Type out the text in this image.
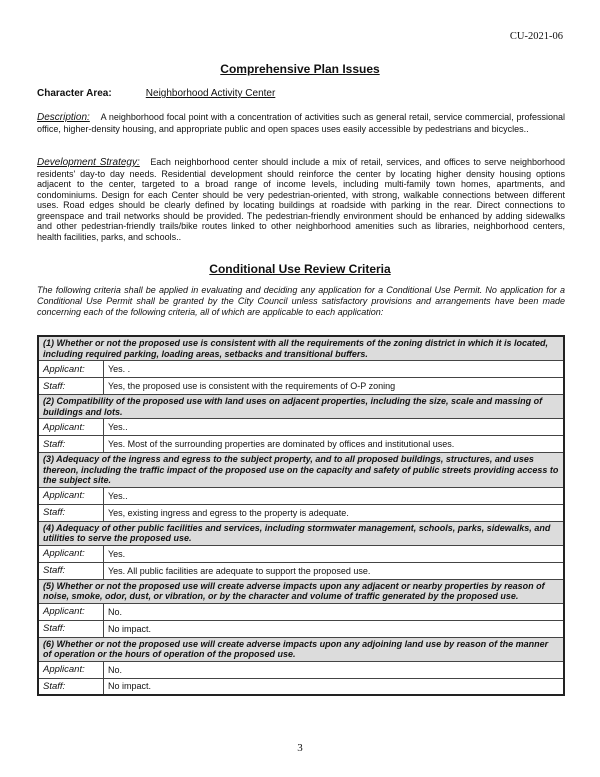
CU-2021-06
Comprehensive Plan Issues
Character Area:	Neighborhood Activity Center
Description: A neighborhood focal point with a concentration of activities such as general retail, service commercial, professional office, higher-density housing, and appropriate public and open spaces uses easily accessible by pedestrians and bicycles..
Development Strategy: Each neighborhood center should include a mix of retail, services, and offices to serve neighborhood residents' day-to day needs. Residential development should reinforce the center by locating higher density housing options adjacent to the center, targeted to a broad range of income levels, including multi-family town homes, apartments, and condominiums. Design for each Center should be very pedestrian-oriented, with strong, walkable connections between different uses. Road edges should be clearly defined by locating buildings at roadside with parking in the rear. Direct connections to greenspace and trail networks should be provided. The pedestrian-friendly environment should be enhanced by adding sidewalks and other pedestrian-friendly trails/bike routes linked to other neighborhood amenities such as libraries, neighborhood centers, health facilities, parks, and schools..
Conditional Use Review Criteria
The following criteria shall be applied in evaluating and deciding any application for a Conditional Use Permit. No application for a Conditional Use Permit shall be granted by the City Council unless satisfactory provisions and arrangements have been made concerning each of the following criteria, all of which are applicable to each application:
(1) Whether or not the proposed use is consistent with all the requirements of the zoning district in which it is located, including required parking, loading areas, setbacks and transitional buffers.	
Applicant:	Yes. .
Staff:	Yes, the proposed use is consistent with the requirements of O-P zoning
(2) Compatibility of the proposed use with land uses on adjacent properties, including the size, scale and massing of buildings and lots.	
Applicant:	Yes..
Staff:	Yes. Most of the surrounding properties are dominated by offices and institutional uses.
(3) Adequacy of the ingress and egress to the subject property, and to all proposed buildings, structures, and uses thereon, including the traffic impact of the proposed use on the capacity and safety of public streets providing access to the subject site.	
Applicant:	Yes..
Staff:	Yes, existing ingress and egress to the property is adequate.
(4) Adequacy of other public facilities and services, including stormwater management, schools, parks, sidewalks, and utilities to serve the proposed use.	
Applicant:	Yes.
Staff:	Yes. All public facilities are adequate to support the proposed use.
(5) Whether or not the proposed use will create adverse impacts upon any adjacent or nearby properties by reason of noise, smoke, odor, dust, or vibration, or by the character and volume of traffic generated by the proposed use.	
Applicant:	No.
Staff:	No impact.
(6) Whether or not the proposed use will create adverse impacts upon any adjoining land use by reason of the manner of operation or the hours of operation of the proposed use.	
Applicant:	No.
Staff:	No impact.
3
